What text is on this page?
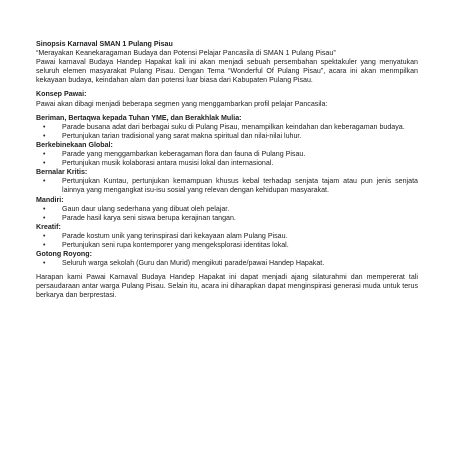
Sinopsis Karnaval SMAN 1 Pulang Pisau
“Merayakan Keanekaragaman Budaya dan Potensi Pelajar Pancasila di SMAN 1 Pulang Pisau”
Pawai karnaval Budaya Handep Hapakat kali ini akan menjadi sebuah persembahan spektakuler yang menyatukan seluruh elemen masyarakat Pulang Pisau. Dengan Tema “Wonderful Of Pulang Pisau”, acara ini akan menmpilkan kekayaan budaya, keindahan alam dan potensi luar biasa dari Kabupaten Pulang Pisau.
Konsep Pawai:
Pawai akan dibagi menjadi beberapa segmen yang menggambarkan profil pelajar Pancasila:
Beriman, Bertaqwa kepada Tuhan YME, dan Berakhlak Mulia:
• Parade busana adat dari berbagai suku di Pulang Pisau, menampilkan keindahan dan keberagaman budaya.
• Pertunjukan tarian tradisional yang sarat makna spiritual dan nilai-nilai luhur.
Berkebinekaan Global:
• Parade yang menggambarkan keberagaman flora dan fauna di Pulang Pisau.
• Pertunjukan musik kolaborasi antara musisi lokal dan internasional.
Bernalar Kritis:
• Pertunjukan Kuntau, pertunjukan kemampuan khusus kebal terhadap senjata tajam atau pun jenis senjata lainnya yang mengangkat isu-isu sosial yang relevan dengan kehidupan masyarakat.
Mandiri:
• Gaun daur ulang sederhana yang dibuat oleh pelajar.
• Parade hasil karya seni siswa berupa kerajinan tangan.
Kreatif:
• Parade kostum unik yang terinspirasi dari kekayaan alam Pulang Pisau.
• Pertunjukan seni rupa kontemporer yang mengeksplorasi identitas lokal.
Gotong Royong:
• Seluruh warga sekolah (Guru dan Murid) mengikuti parade/pawai Handep Hapakat.
Harapan kami Pawai Karnaval Budaya Handep Hapakat ini dapat menjadi ajang silaturahmi dan mempererat tali persaudaraan antar warga Pulang Pisau. Selain itu, acara ini diharapkan dapat menginspirasi generasi muda untuk terus berkarya dan berprestasi.
